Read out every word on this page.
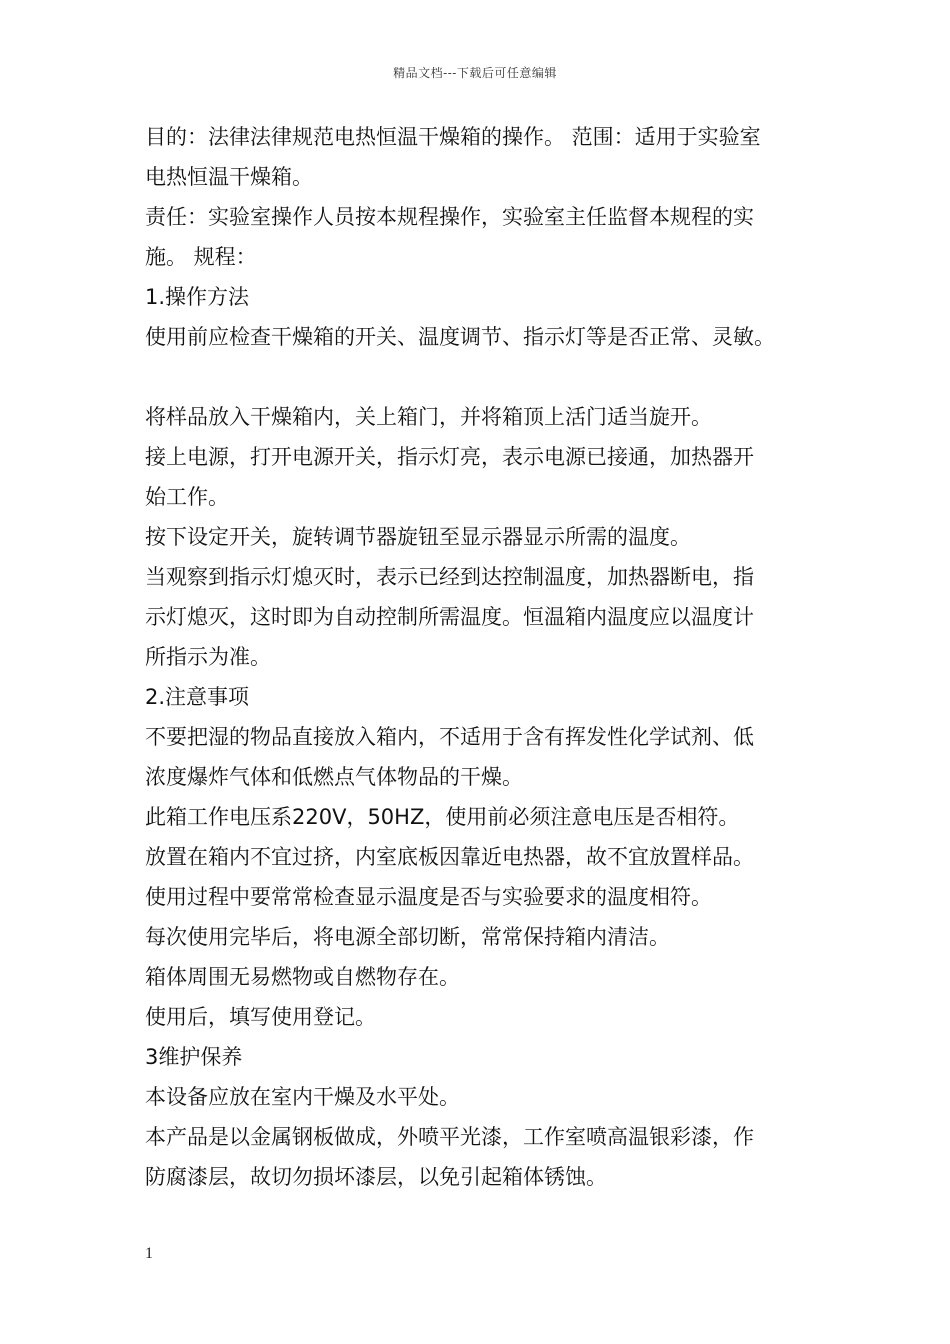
精品文档---下载后可任意编辑
目的：法律法律规范电热恒温干燥箱的操作。 范围：适用于实验室
电热恒温干燥箱。
责任：实验室操作人员按本规程操作，实验室主任监督本规程的实
施。 规程：
1.操作方法
使用前应检查干燥箱的开关、温度调节、指示灯等是否正常、灵敏。
将样品放入干燥箱内，关上箱门，并将箱顶上活门适当旋开。
接上电源，打开电源开关，指示灯亮，表示电源已接通，加热器开
始工作。
按下设定开关，旋转调节器旋钮至显示器显示所需的温度。
当观察到指示灯熄灭时，表示已经到达控制温度，加热器断电，指
示灯熄灭，这时即为自动控制所需温度。恒温箱内温度应以温度计
所指示为准。
2.注意事项
不要把湿的物品直接放入箱内，不适用于含有挥发性化学试剂、低
浓度爆炸气体和低燃点气体物品的干燥。
此箱工作电压系220V，50HZ，使用前必须注意电压是否相符。
放置在箱内不宜过挤，内室底板因靠近电热器，故不宜放置样品。
使用过程中要常常检查显示温度是否与实验要求的温度相符。
每次使用完毕后，将电源全部切断，常常保持箱内清洁。
箱体周围无易燃物或自燃物存在。
使用后，填写使用登记。
3维护保养
本设备应放在室内干燥及水平处。
本产品是以金属钢板做成，外喷平光漆，工作室喷高温银彩漆，作
防腐漆层，故切勿损坏漆层，以免引起箱体锈蚀。
1
